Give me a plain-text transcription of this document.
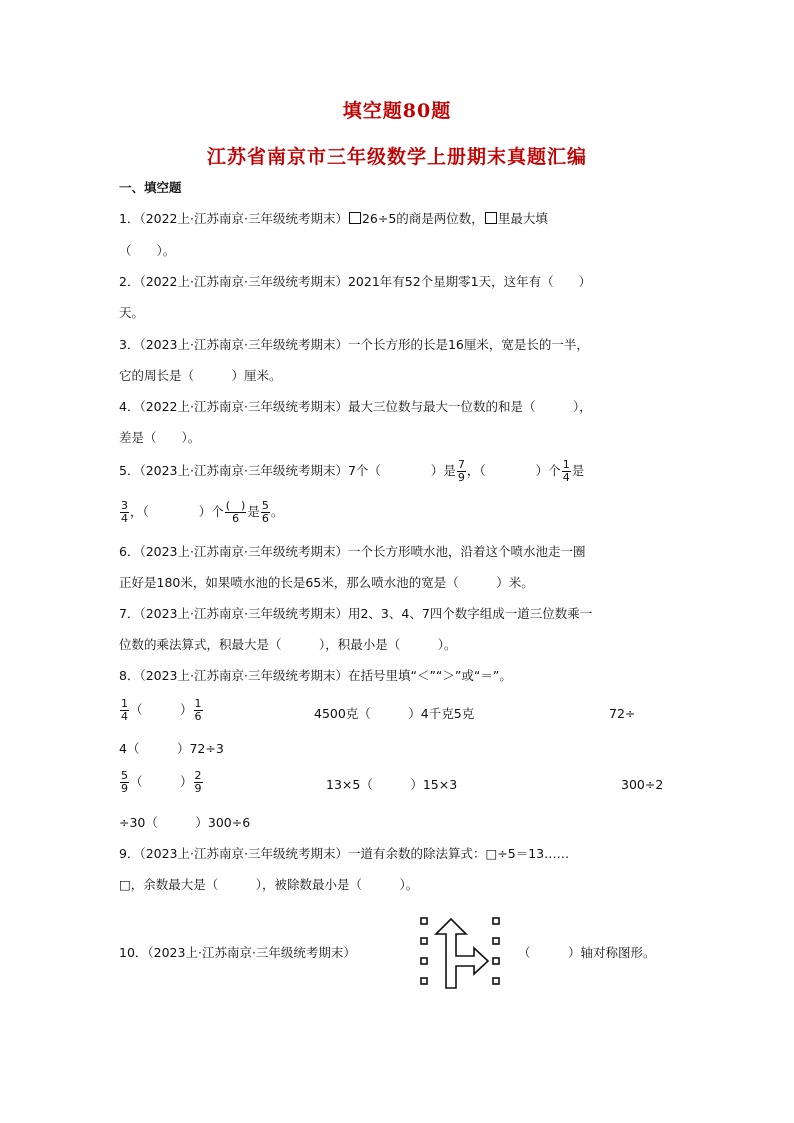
填空题80题
江苏省南京市三年级数学上册期末真题汇编
一、填空题
1．（2022上·江苏南京·三年级统考期末） 26÷5的商是两位数， 里最大填
（　　）。
2．（2022上·江苏南京·三年级统考期末）2021年有52个星期零1天，这年有（　　）
天。
3．（2023上·江苏南京·三年级统考期末）一个长方形的长是16厘米，宽是长的一半，
它的周长是（　　　）厘米。
4．（2022上·江苏南京·三年级统考期末）最大三位数与最大一位数的和是（　　　），
差是（　　）。
5．（2023上·江苏南京·三年级统考期末）7个（　　　　）是 $\frac{7}{9}$ ，（　　　　）个 $\frac{1}{4}$ 是
$\frac{3}{4}$ ，（　　　　）个 $\frac{( )}{6}$ 是 $\frac{5}{6}$ 。
6．（2023上·江苏南京·三年级统考期末）一个长方形喷水池，沿着这个喷水池走一圈
正好是180米，如果喷水池的长是65米，那么喷水池的宽是（　　　）米。
7．（2023上·江苏南京·三年级统考期末）用2、3、4、7四个数字组成一道三位数乘一
位数的乘法算式，积最大是（　　　），积最小是（　　　）。
8．（2023上·江苏南京·三年级统考期末）在括号里填“＜”“＞”或“＝”。
$\frac{1}{4}$ （　　　） $\frac{1}{6}$	4500克（　　　）4千克5克	72÷
4（　　　）72÷3
$\frac{5}{9}$ （　　　） $\frac{2}{9}$	13×5（　　　）15×3	300÷2
÷30（　　　）300÷6
9．（2023上·江苏南京·三年级统考期末）一道有余数的除法算式：□÷5＝13……
□，余数最大是（　　　），被除数最小是（　　　）。
10．（2023上·江苏南京·三年级统考期末）	（　　　）轴对称图形。
